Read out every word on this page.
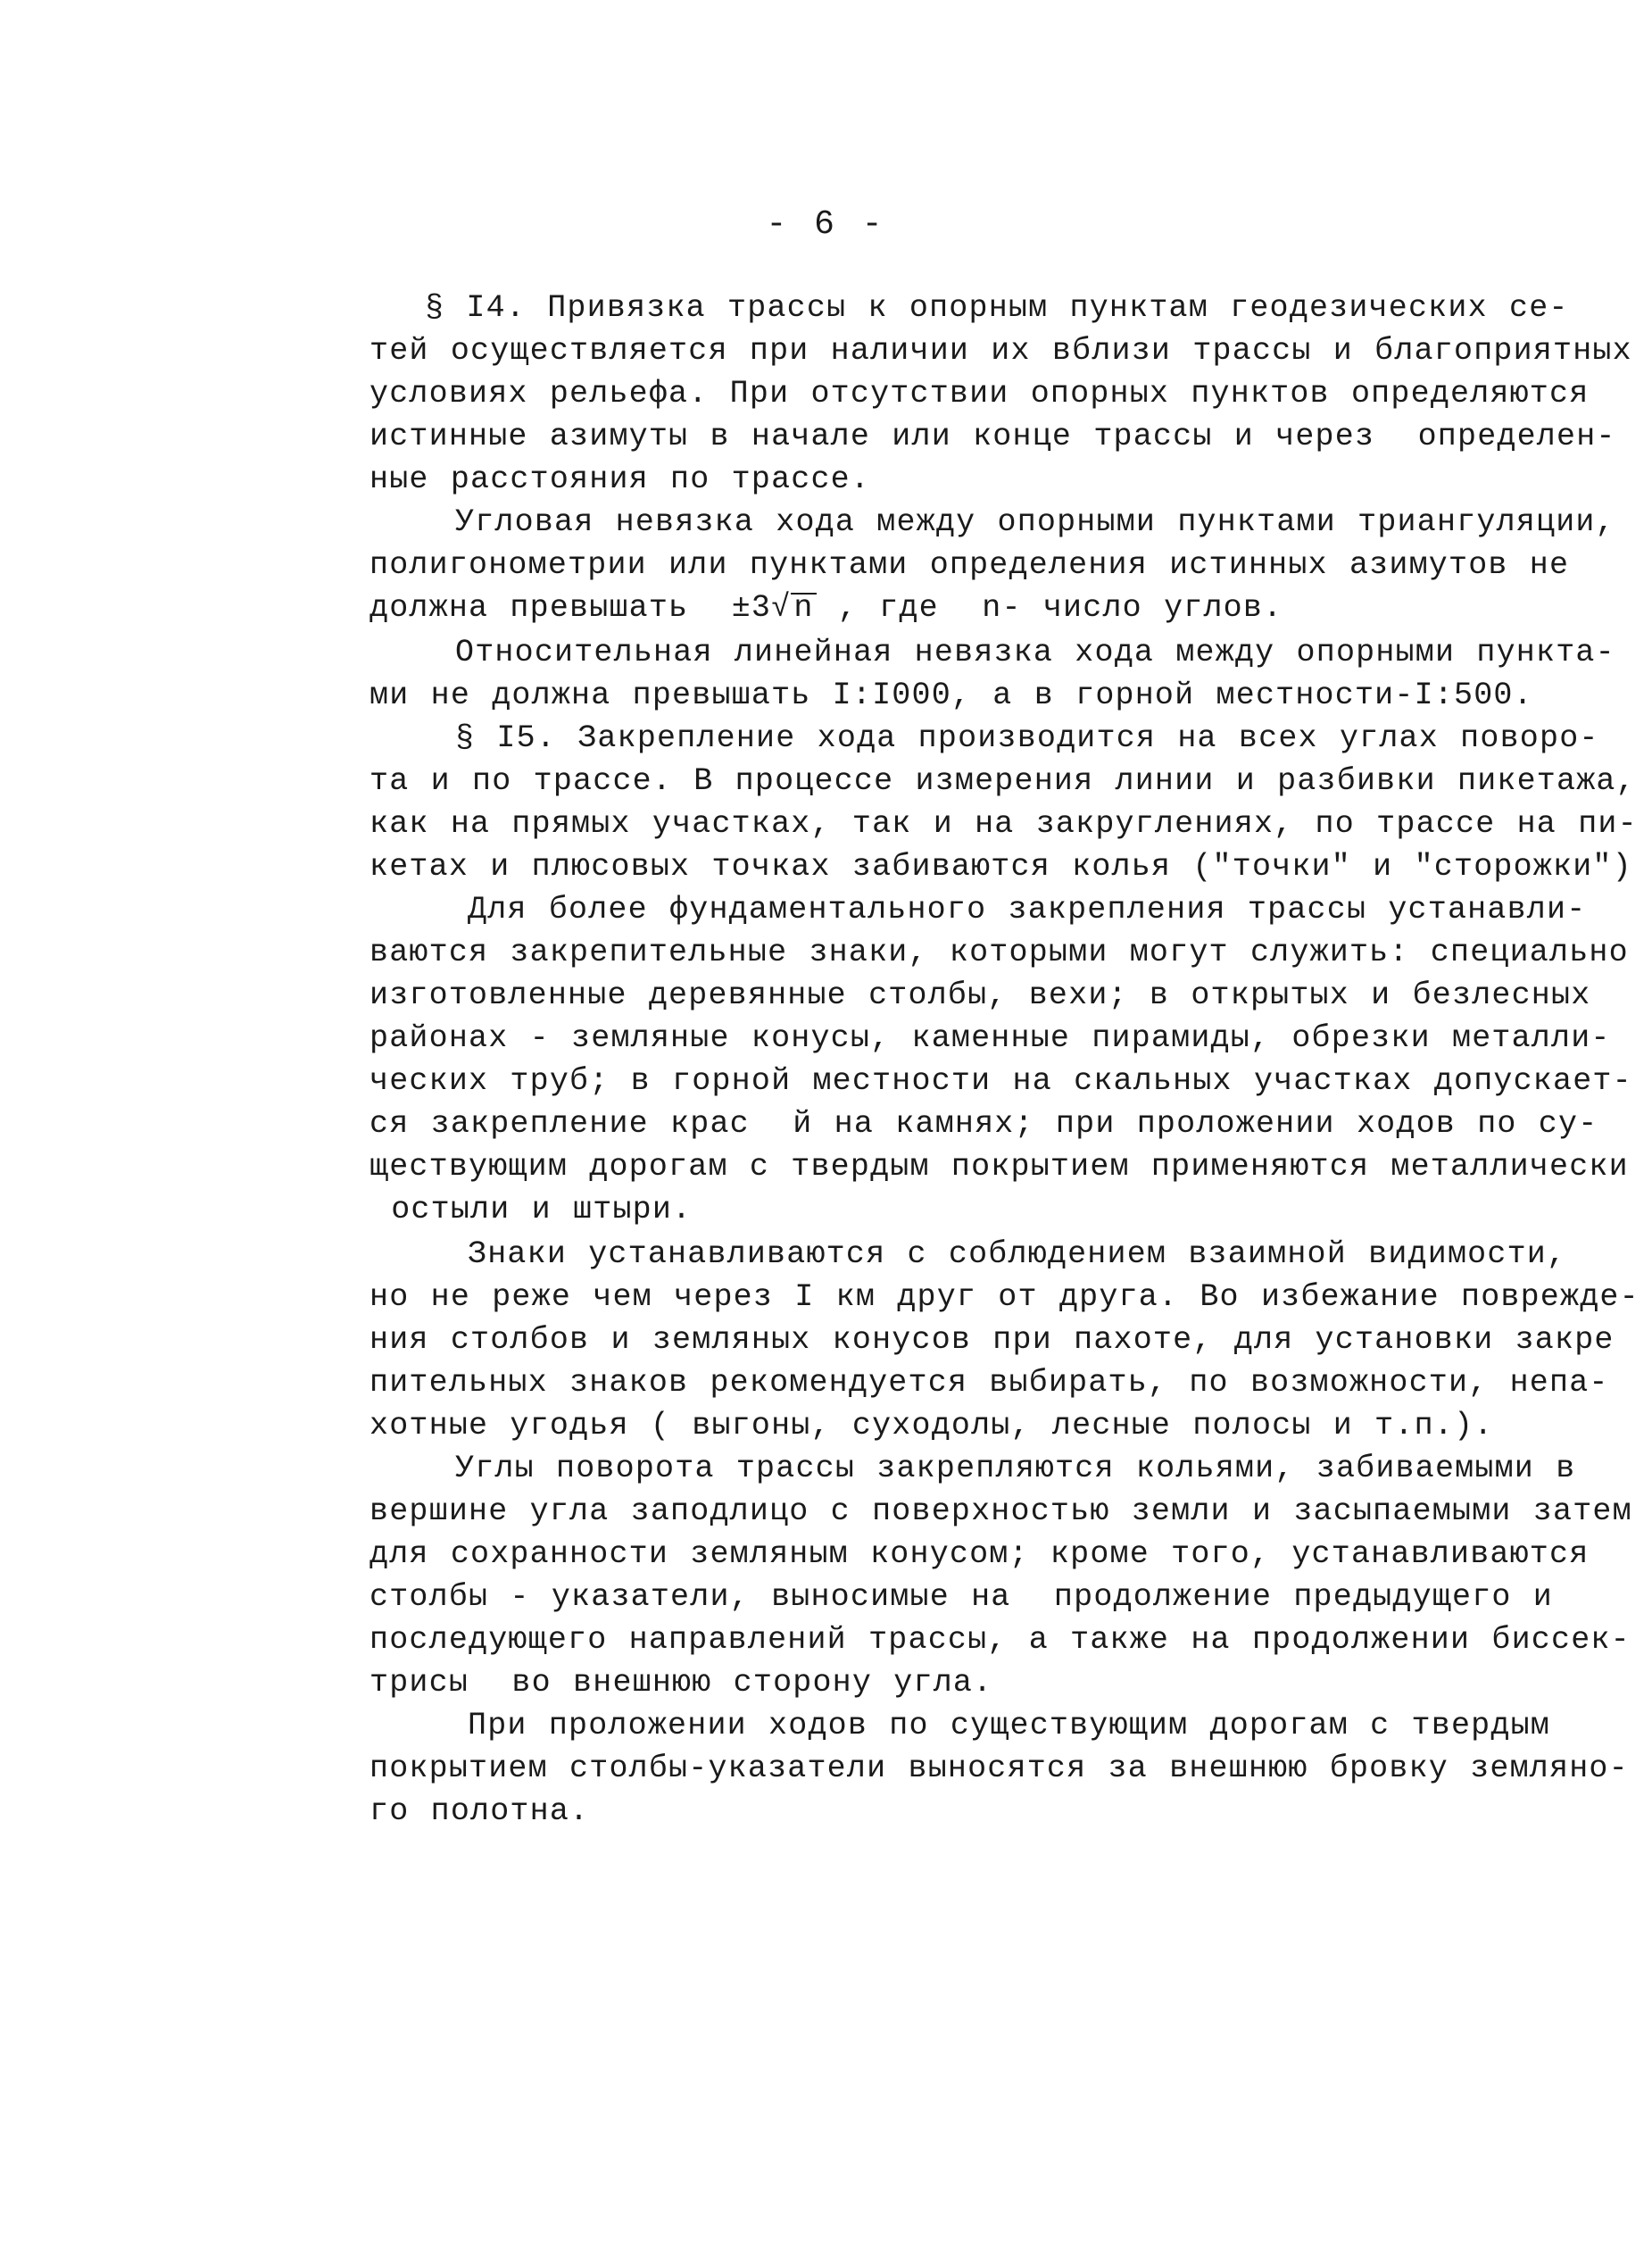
- 6 -
§ I4. Привязка трассы к опорным пунктам геодезических се-
тей осуществляется при наличии их вблизи трассы и благоприятных
условиях рельефа. При отсутствии опорных пунктов определяются
истинные азимуты в начале или конце трассы и через  определен-
ные расстояния по трассе.
Угловая невязка хода между опорными пунктами триангуляции,
полигонометрии или пунктами определения истинных азимутов не
должна превышать ±3√n , где n- число углов.
Относительная линейная невязка хода между опорными пункта-
ми не должна превышать I:I000, а в горной местности-I:500.
§ I5. Закрепление хода производится на всех углах поворо-
та и по трассе. В процессе измерения линии и разбивки пикетажа,
как на прямых участках, так и на закруглениях, по трассе на пи-
кетах и плюсовых точках забиваются колья ("точки" и "сторожки")
Для более фундаментального закрепления трассы устанавли-
ваются закрепительные знаки, которыми могут служить: специально
изготовленные деревянные столбы, вехи; в открытых и безлесных
районах - земляные конусы, каменные пирамиды, обрезки металли-
ческих труб; в горной местности на скальных участках допускает-
ся закрепление крас  й на камнях; при проложении ходов по су-
ществующим дорогам с твердым покрытием применяются металлически
остыли и штыри.
Знаки устанавливаются с соблюдением взаимной видимости,
но не реже чем через I км друг от друга. Во избежание поврежде-
ния столбов и земляных конусов при пахоте, для установки закре
пительных знаков рекомендуется выбирать, по возможности, непа-
хотные угодья ( выгоны, суходолы, лесные полосы и т.п.).
Углы поворота трассы закрепляются кольями, забиваемыми в
вершине угла заподлицо с поверхностью земли и засыпаемыми затем
для сохранности земляным конусом; кроме того, устанавливаются
столбы - указатели, выносимые на  продолжение предыдущего и
последующего направлений трассы, а также на продолжении биссек-
трисы  во внешнюю сторону угла.
При проложении ходов по существующим дорогам с твердым
покрытием столбы-указатели выносятся за внешнюю бровку земляно-
го полотна.
